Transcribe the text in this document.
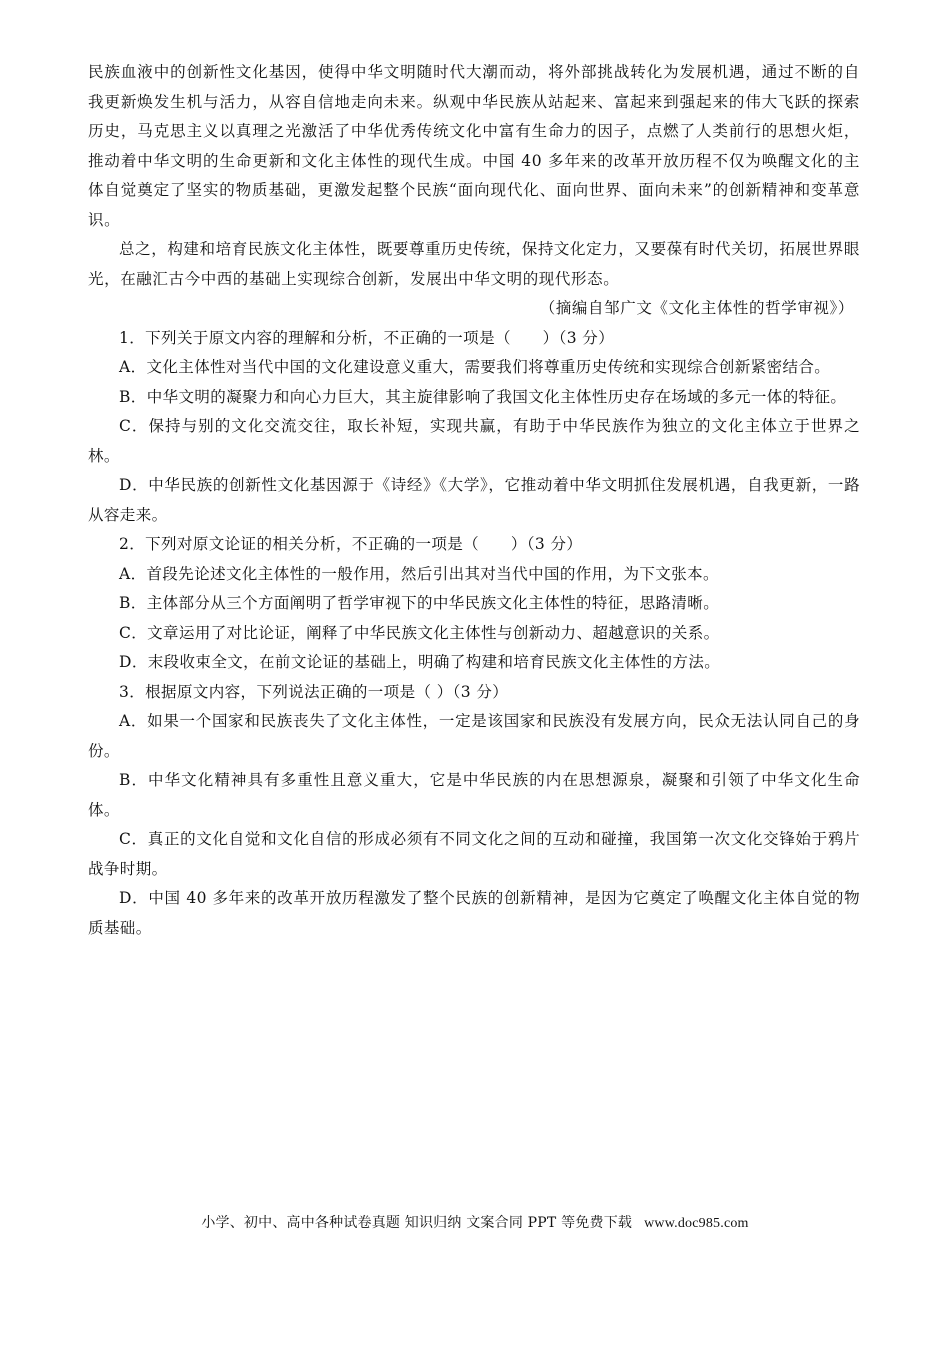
民族血液中的创新性文化基因，使得中华文明随时代大潮而动，将外部挑战转化为发展机遇，通过不断的自我更新焕发生机与活力，从容自信地走向未来。纵观中华民族从站起来、富起来到强起来的伟大飞跃的探索历史，马克思主义以真理之光激活了中华优秀传统文化中富有生命力的因子，点燃了人类前行的思想火炬，推动着中华文明的生命更新和文化主体性的现代生成。中国 40 多年来的改革开放历程不仅为唤醒文化的主体自觉奠定了坚实的物质基础，更激发起整个民族“面向现代化、面向世界、面向未来”的创新精神和变革意识。

总之，构建和培育民族文化主体性，既要尊重历史传统，保持文化定力，又要葆有时代关切，拓展世界眼光，在融汇古今中西的基础上实现综合创新，发展出中华文明的现代形态。

（摘编自邹广文《文化主体性的哲学审视》）

1．下列关于原文内容的理解和分析，不正确的一项是（　　）（3 分）

A．文化主体性对当代中国的文化建设意义重大，需要我们将尊重历史传统和实现综合创新紧密结合。

B．中华文明的凝聚力和向心力巨大，其主旋律影响了我国文化主体性历史存在场域的多元一体的特征。

C．保持与别的文化交流交往，取长补短，实现共赢，有助于中华民族作为独立的文化主体立于世界之林。

D．中华民族的创新性文化基因源于《诗经》《大学》，它推动着中华文明抓住发展机遇，自我更新，一路从容走来。

2．下列对原文论证的相关分析，不正确的一项是（　　）（3 分）

A．首段先论述文化主体性的一般作用，然后引出其对当代中国的作用，为下文张本。

B．主体部分从三个方面阐明了哲学审视下的中华民族文化主体性的特征，思路清晰。

C．文章运用了对比论证，阐释了中华民族文化主体性与创新动力、超越意识的关系。

D．末段收束全文，在前文论证的基础上，明确了构建和培育民族文化主体性的方法。

3．根据原文内容，下列说法正确的一项是（ ）（3 分）

A．如果一个国家和民族丧失了文化主体性，一定是该国家和民族没有发展方向，民众无法认同自己的身份。

B．中华文化精神具有多重性且意义重大，它是中华民族的内在思想源泉，凝聚和引领了中华文化生命体。

C．真正的文化自觉和文化自信的形成必须有不同文化之间的互动和碰撞，我国第一次文化交锋始于鸦片战争时期。

D．中国 40 多年来的改革开放历程激发了整个民族的创新精神，是因为它奠定了唤醒文化主体自觉的物质基础。

小学、初中、高中各种试卷真题 知识归纳 文案合同 PPT 等免费下载 www.doc985.com
